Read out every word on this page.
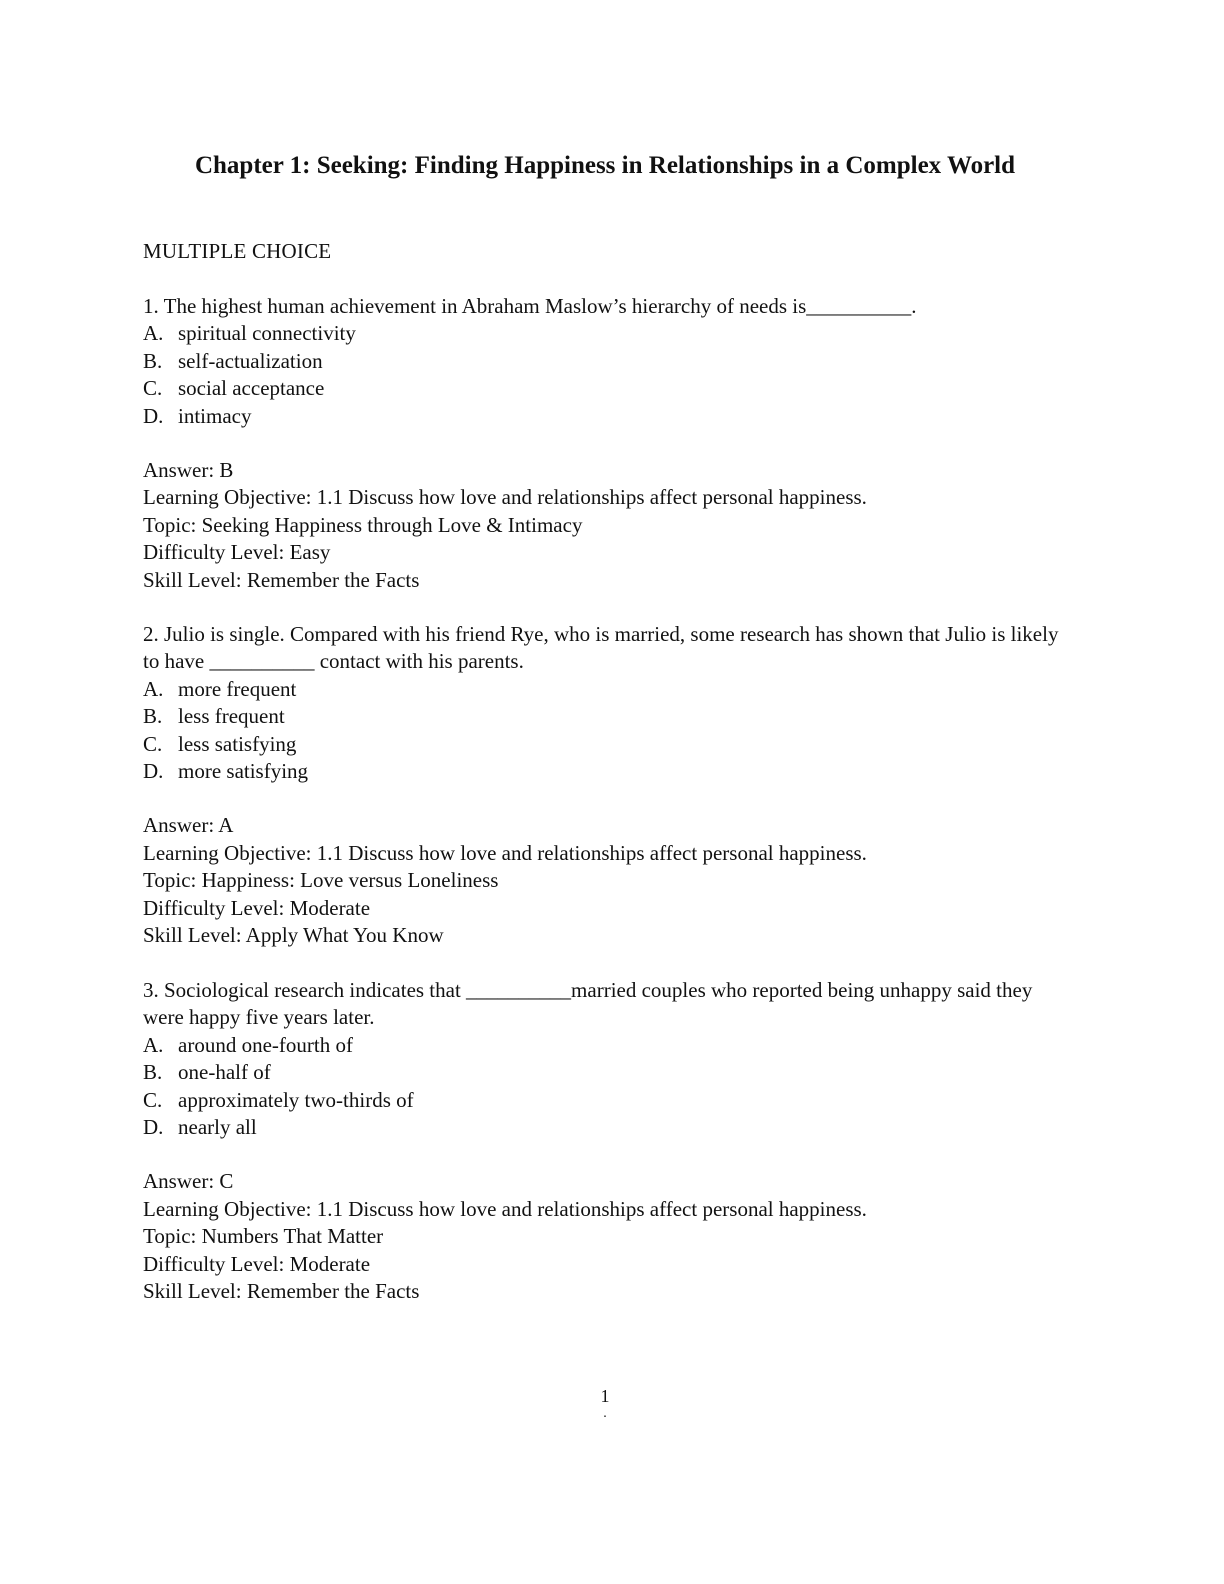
Chapter 1: Seeking: Finding Happiness in Relationships in a Complex World
MULTIPLE CHOICE

1. The highest human achievement in Abraham Maslow’s hierarchy of needs is__________.

A. spiritual connectivity
B. self-actualization
C. social acceptance
D. intimacy
Answer: B
Learning Objective: 1.1 Discuss how love and relationships affect personal happiness.
Topic: Seeking Happiness through Love & Intimacy
Difficulty Level: Easy
Skill Level: Remember the Facts

2. Julio is single. Compared with his friend Rye, who is married, some research has shown that Julio is likely to have __________ contact with his parents.

A. more frequent
B. less frequent
C. less satisfying
D. more satisfying
Answer: A
Learning Objective: 1.1 Discuss how love and relationships affect personal happiness.
Topic: Happiness: Love versus Loneliness
Difficulty Level: Moderate
Skill Level: Apply What You Know

3. Sociological research indicates that __________married couples who reported being unhappy said they were happy five years later.

A. around one-fourth of
B. one-half of
C. approximately two-thirds of
D. nearly all
Answer: C
Learning Objective: 1.1 Discuss how love and relationships affect personal happiness.
Topic: Numbers That Matter
Difficulty Level: Moderate
Skill Level: Remember the Facts
1
.
